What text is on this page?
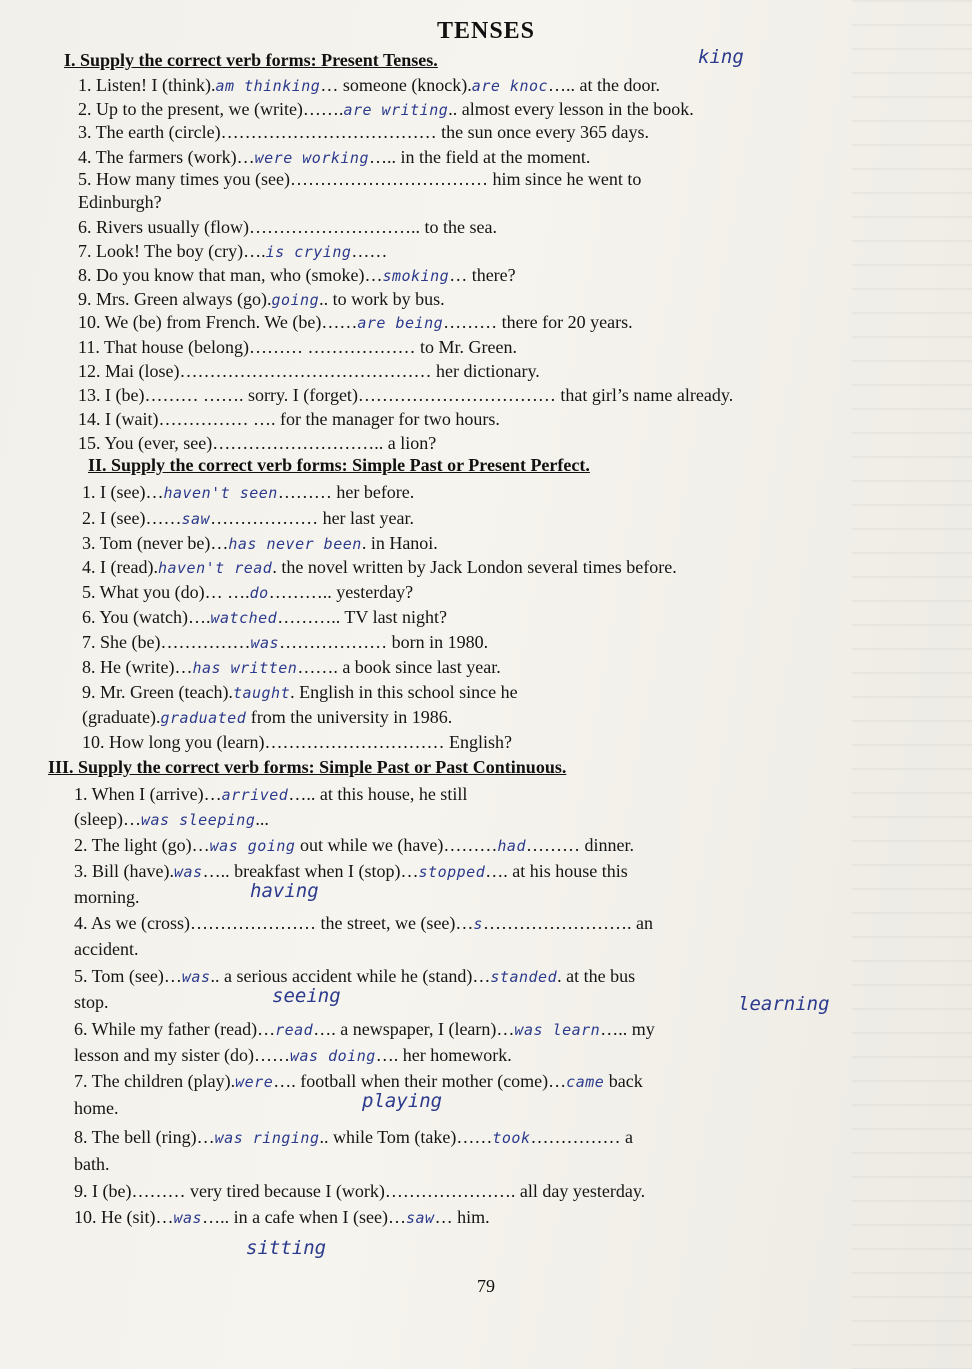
TENSES
I. Supply the correct verb forms: Present Tenses.
1. Listen! I (think).am thinking… someone (knock).are knoc….. at the door.
2. Up to the present, we (write)…….are writing.. almost every lesson in the book.
3. The earth (circle)……………………………… the sun once every 365 days.
4. The farmers (work)…were working….. in the field at the moment.
5. How many times you (see)…………………………… him since he went to
Edinburgh?
6. Rivers usually (flow)……………………….. to the sea.
7. Look! The boy (cry)….is crying……
8. Do you know that man, who (smoke)…smoking… there?
9. Mrs. Green always (go).going.. to work by bus.
10. We (be) from French. We (be)……are being……… there for 20 years.
11. That house (belong)……… ……………… to Mr. Green.
12. Mai (lose)…………………………………… her dictionary.
13. I (be)……… ……. sorry. I (forget)…………………………… that girl’s name already.
14. I (wait)…………… …. for the manager for two hours.
15. You (ever, see)……………………….. a lion?
II. Supply the correct verb forms: Simple Past or Present Perfect.
1. I (see)…haven't seen……… her before.
2. I (see)……saw……………… her last year.
3. Tom (never be)…has never been. in Hanoi.
4. I (read).haven't read. the novel written by Jack London several times before.
5. What you (do)… ….do……….. yesterday?
6. You (watch)….watched……….. TV last night?
7. She (be)……………was……………… born in 1980.
8. He (write)…has written……. a book since last year.
9. Mr. Green (teach).taught. English in this school since he
(graduate).graduated from the university in 1986.
10. How long you (learn)………………………… English?
III. Supply the correct verb forms: Simple Past or Past Continuous.
1. When I (arrive)…arrived….. at this house, he still
(sleep)…was sleeping...
2. The light (go)…was going out while we (have)………had……… dinner.
3. Bill (have).was….. breakfast when I (stop)…stopped…. at his house this
morning.
4. As we (cross)………………… the street, we (see)…s……………………. an
accident.
5. Tom (see)…was.. a serious accident while he (stand)…standed. at the bus
stop.
6. While my father (read)…read…. a newspaper, I (learn)…was learn….. my
lesson and my sister (do)……was doing…. her homework.
7. The children (play).were…. football when their mother (come)…came back
home.
8. The bell (ring)…was ringing.. while Tom (take)……took…………… a
bath.
9. I (be)……… very tired because I (work)…………………. all day yesterday.
10. He (sit)…was….. in a cafe when I (see)…saw… him.
king
having
seeing	learning
playing
sitting
79
